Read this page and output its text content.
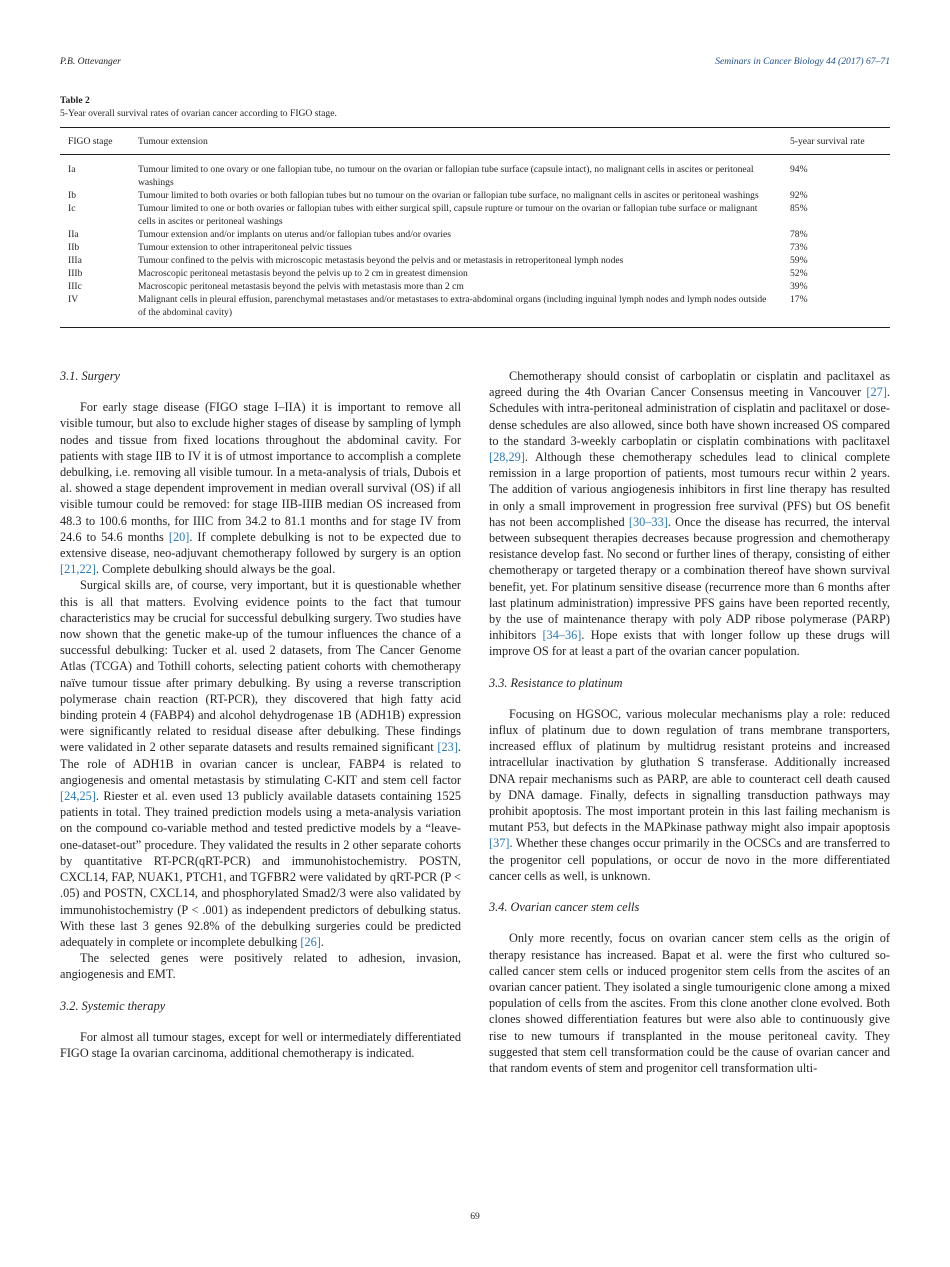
P.B. Ottevanger	Seminars in Cancer Biology 44 (2017) 67–71
Table 2
5-Year overall survival rates of ovarian cancer according to FIGO stage.
FIGO stage	Tumour extension	5-year survival rate
Ia	Tumour limited to one ovary or one fallopian tube, no tumour on the ovarian or fallopian tube surface (capsule intact), no malignant cells in ascites or peritoneal washings	94%
Ib	Tumour limited to both ovaries or both fallopian tubes but no tumour on the ovarian or fallopian tube surface, no malignant cells in ascites or peritoneal washings	92%
Ic	Tumour limited to one or both ovaries or fallopian tubes with either surgical spill, capsule rupture or tumour on the ovarian or fallopian tube surface or malignant cells in ascites or peritoneal washings	85%
IIa	Tumour extension and/or implants on uterus and/or fallopian tubes and/or ovaries	78%
IIb	Tumour extension to other intraperitoneal pelvic tissues	73%
IIIa	Tumour confined to the pelvis with microscopic metastasis beyond the pelvis and or metastasis in retroperitoneal lymph nodes	59%
IIIb	Macroscopic peritoneal metastasis beyond the pelvis up to 2 cm in greatest dimension	52%
IIIc	Macroscopic peritoneal metastasis beyond the pelvis with metastasis more than 2 cm	39%
IV	Malignant cells in pleural effusion, parenchymal metastases and/or metastases to extra-abdominal organs (including inguinal lymph nodes and lymph nodes outside of the abdominal cavity)	17%
3.1. Surgery

For early stage disease (FIGO stage I–IIA) it is important to remove all visible tumour, but also to exclude higher stages of disease by sampling of lymph nodes and tissue from fixed locations throughout the abdominal cavity. For patients with stage IIB to IV it is of utmost importance to accomplish a complete debulking, i.e. removing all visible tumour. In a meta-analysis of trials, Dubois et al. showed a stage dependent improvement in median overall survival (OS) if all visible tumour could be removed: for stage IIB-IIIB median OS increased from 48.3 to 100.6 months, for IIIC from 34.2 to 81.1 months and for stage IV from 24.6 to 54.6 months [20]. If complete debulking is not to be expected due to extensive disease, neo-adjuvant chemotherapy followed by surgery is an option [21,22]. Complete debulking should always be the goal.

Surgical skills are, of course, very important, but it is questionable whether this is all that matters. Evolving evidence points to the fact that tumour characteristics may be crucial for successful debulking surgery. Two studies have now shown that the genetic make-up of the tumour influences the chance of a successful debulking: Tucker et al. used 2 datasets, from The Cancer Genome Atlas (TCGA) and Tothill cohorts, selecting patient cohorts with chemotherapy naïve tumour tissue after primary debulking. By using a reverse transcription polymerase chain reaction (RT-PCR), they discovered that high fatty acid binding protein 4 (FABP4) and alcohol dehydrogenase 1B (ADH1B) expression were significantly related to residual disease after debulking. These findings were validated in 2 other separate datasets and results remained significant [23]. The role of ADH1B in ovarian cancer is unclear, FABP4 is related to angiogenesis and omental metastasis by stimulating C-KIT and stem cell factor [24,25]. Riester et al. even used 13 publicly available datasets containing 1525 patients in total. They trained prediction models using a meta-analysis variation on the compound co-variable method and tested predictive models by a “leave-one-dataset-out” procedure. They validated the results in 2 other separate cohorts by quantitative RT-PCR(qRT-PCR) and immunohistochemistry. POSTN, CXCL14, FAP, NUAK1, PTCH1, and TGFBR2 were validated by qRT-PCR (P < .05) and POSTN, CXCL14, and phosphorylated Smad2/3 were also validated by immunohistochemistry (P < .001) as independent predictors of debulking status. With these last 3 genes 92.8% of the debulking surgeries could be predicted adequately in complete or incomplete debulking [26].

The selected genes were positively related to adhesion, invasion, angiogenesis and EMT.

3.2. Systemic therapy

For almost all tumour stages, except for well or intermediately differentiated FIGO stage Ia ovarian carcinoma, additional chemotherapy is indicated.

Chemotherapy should consist of carboplatin or cisplatin and paclitaxel as agreed during the 4th Ovarian Cancer Consensus meeting in Vancouver [27]. Schedules with intra-peritoneal administration of cisplatin and paclitaxel or dose-dense schedules are also allowed, since both have shown increased OS compared to the standard 3-weekly carboplatin or cisplatin combinations with paclitaxel [28,29]. Although these chemotherapy schedules lead to clinical complete remission in a large proportion of patients, most tumours recur within 2 years. The addition of various angiogenesis inhibitors in first line therapy has resulted in only a small improvement in progression free survival (PFS) but OS benefit has not been accomplished [30–33]. Once the disease has recurred, the interval between subsequent therapies decreases because progression and chemotherapy resistance develop fast. No second or further lines of therapy, consisting of either chemotherapy or targeted therapy or a combination thereof have shown survival benefit, yet. For platinum sensitive disease (recurrence more than 6 months after last platinum administration) impressive PFS gains have been reported recently, by the use of maintenance therapy with poly ADP ribose polymerase (PARP) inhibitors [34–36]. Hope exists that with longer follow up these drugs will improve OS for at least a part of the ovarian cancer population.

3.3. Resistance to platinum

Focusing on HGSOC, various molecular mechanisms play a role: reduced influx of platinum due to down regulation of trans membrane transporters, increased efflux of platinum by multidrug resistant proteins and increased intracellular inactivation by gluthation S transferase. Additionally increased DNA repair mechanisms such as PARP, are able to counteract cell death caused by DNA damage. Finally, defects in signalling transduction pathways may prohibit apoptosis. The most important protein in this last failing mechanism is mutant P53, but defects in the MAPkinase pathway might also impair apoptosis [37]. Whether these changes occur primarily in the OCSCs and are transferred to the progenitor cell populations, or occur de novo in the more differentiated cancer cells as well, is unknown.

3.4. Ovarian cancer stem cells

Only more recently, focus on ovarian cancer stem cells as the origin of therapy resistance has increased. Bapat et al. were the first who cultured so-called cancer stem cells or induced progenitor stem cells from the ascites of an ovarian cancer patient. They isolated a single tumourigenic clone among a mixed population of cells from the ascites. From this clone another clone evolved. Both clones showed differentiation features but were also able to continuously give rise to new tumours if transplanted in the mouse peritoneal cavity. They suggested that stem cell transformation could be the cause of ovarian cancer and that random events of stem and progenitor cell transformation ulti-

69
